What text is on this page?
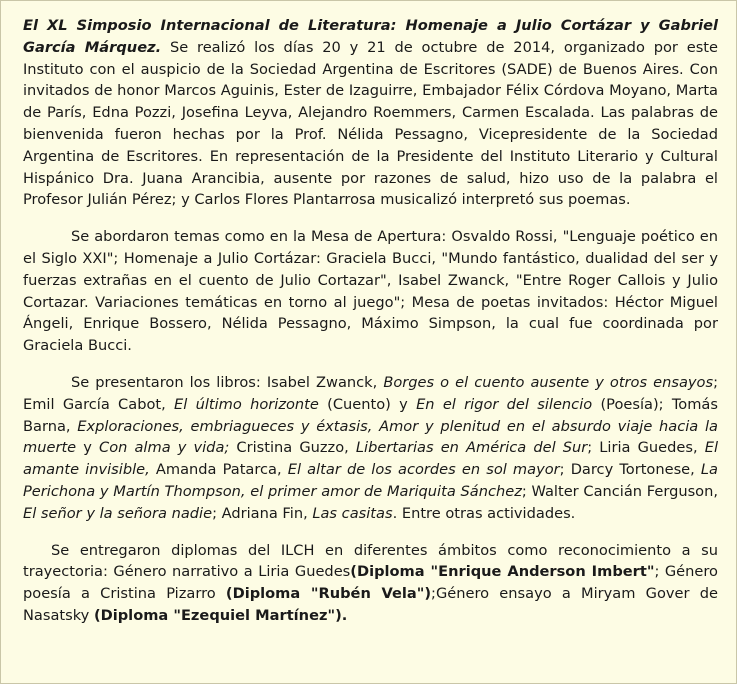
El XL Simposio Internacional de Literatura: Homenaje a Julio Cortázar y Gabriel García Márquez. Se realizó los días 20 y 21 de octubre de 2014, organizado por este Instituto con el auspicio de la Sociedad Argentina de Escritores (SADE) de Buenos Aires. Con invitados de honor Marcos Aguinis, Ester de Izaguirre, Embajador Félix Córdova Moyano, Marta de París, Edna Pozzi, Josefina Leyva, Alejandro Roemmers, Carmen Escalada. Las palabras de bienvenida fueron hechas por la Prof. Nélida Pessagno, Vicepresidente de la Sociedad Argentina de Escritores. En representación de la Presidente del Instituto Literario y Cultural Hispánico Dra. Juana Arancibia, ausente por razones de salud, hizo uso de la palabra el Profesor Julián Pérez; y Carlos Flores Plantarrosa musicalizó interpretó sus poemas.

Se abordaron temas como en la Mesa de Apertura: Osvaldo Rossi, "Lenguaje poético en el Siglo XXI"; Homenaje a Julio Cortázar: Graciela Bucci, "Mundo fantástico, dualidad del ser y fuerzas extrañas en el cuento de Julio Cortazar", Isabel Zwanck, "Entre Roger Callois y Julio Cortazar. Variaciones temáticas en torno al juego"; Mesa de poetas invitados: Héctor Miguel Ángeli, Enrique Bossero, Nélida Pessagno, Máximo Simpson, la cual fue coordinada por Graciela Bucci.

Se presentaron los libros: Isabel Zwanck, Borges o el cuento ausente y otros ensayos; Emil García Cabot, El último horizonte (Cuento) y En el rigor del silencio (Poesía); Tomás Barna, Exploraciones, embriagueces y éxtasis, Amor y plenitud en el absurdo viaje hacia la muerte y Con alma y vida; Cristina Guzzo, Libertarias en América del Sur; Liria Guedes, El amante invisible, Amanda Patarca, El altar de los acordes en sol mayor; Darcy Tortonese, La Perichona y Martín Thompson, el primer amor de Mariquita Sánchez; Walter Cancián Ferguson, El señor y la señora nadie; Adriana Fin, Las casitas. Entre otras actividades.

Se entregaron diplomas del ILCH en diferentes ámbitos como reconocimiento a su trayectoria: Género narrativo a Liria Guedes(Diploma "Enrique Anderson Imbert"; Género poesía a Cristina Pizarro (Diploma "Rubén Vela");Género ensayo a Miryam Gover de Nasatsky (Diploma "Ezequiel Martínez").
